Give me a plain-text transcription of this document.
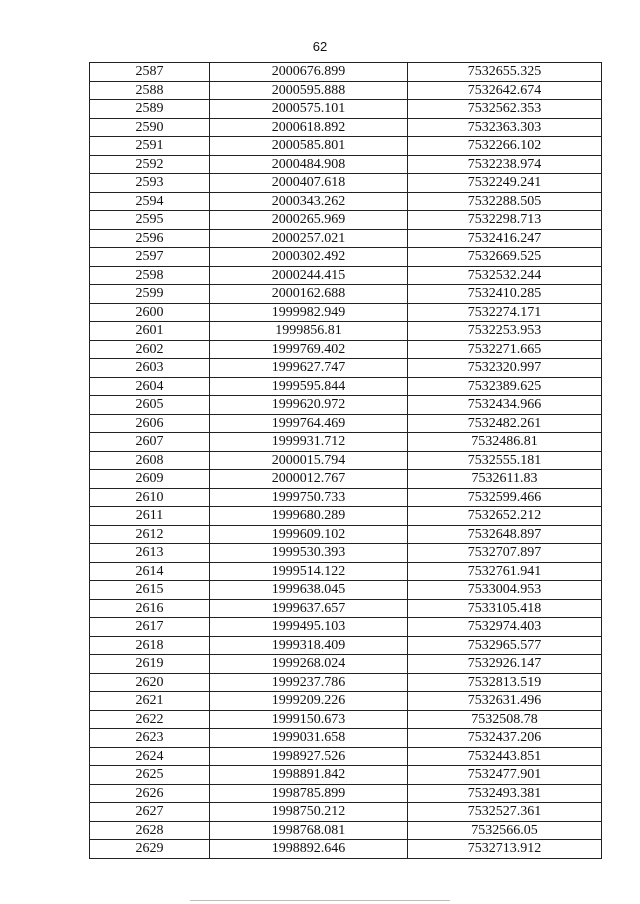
62
2587	2000676.899	7532655.325
2588	2000595.888	7532642.674
2589	2000575.101	7532562.353
2590	2000618.892	7532363.303
2591	2000585.801	7532266.102
2592	2000484.908	7532238.974
2593	2000407.618	7532249.241
2594	2000343.262	7532288.505
2595	2000265.969	7532298.713
2596	2000257.021	7532416.247
2597	2000302.492	7532669.525
2598	2000244.415	7532532.244
2599	2000162.688	7532410.285
2600	1999982.949	7532274.171
2601	1999856.81	7532253.953
2602	1999769.402	7532271.665
2603	1999627.747	7532320.997
2604	1999595.844	7532389.625
2605	1999620.972	7532434.966
2606	1999764.469	7532482.261
2607	1999931.712	7532486.81
2608	2000015.794	7532555.181
2609	2000012.767	7532611.83
2610	1999750.733	7532599.466
2611	1999680.289	7532652.212
2612	1999609.102	7532648.897
2613	1999530.393	7532707.897
2614	1999514.122	7532761.941
2615	1999638.045	7533004.953
2616	1999637.657	7533105.418
2617	1999495.103	7532974.403
2618	1999318.409	7532965.577
2619	1999268.024	7532926.147
2620	1999237.786	7532813.519
2621	1999209.226	7532631.496
2622	1999150.673	7532508.78
2623	1999031.658	7532437.206
2624	1998927.526	7532443.851
2625	1998891.842	7532477.901
2626	1998785.899	7532493.381
2627	1998750.212	7532527.361
2628	1998768.081	7532566.05
2629	1998892.646	7532713.912
